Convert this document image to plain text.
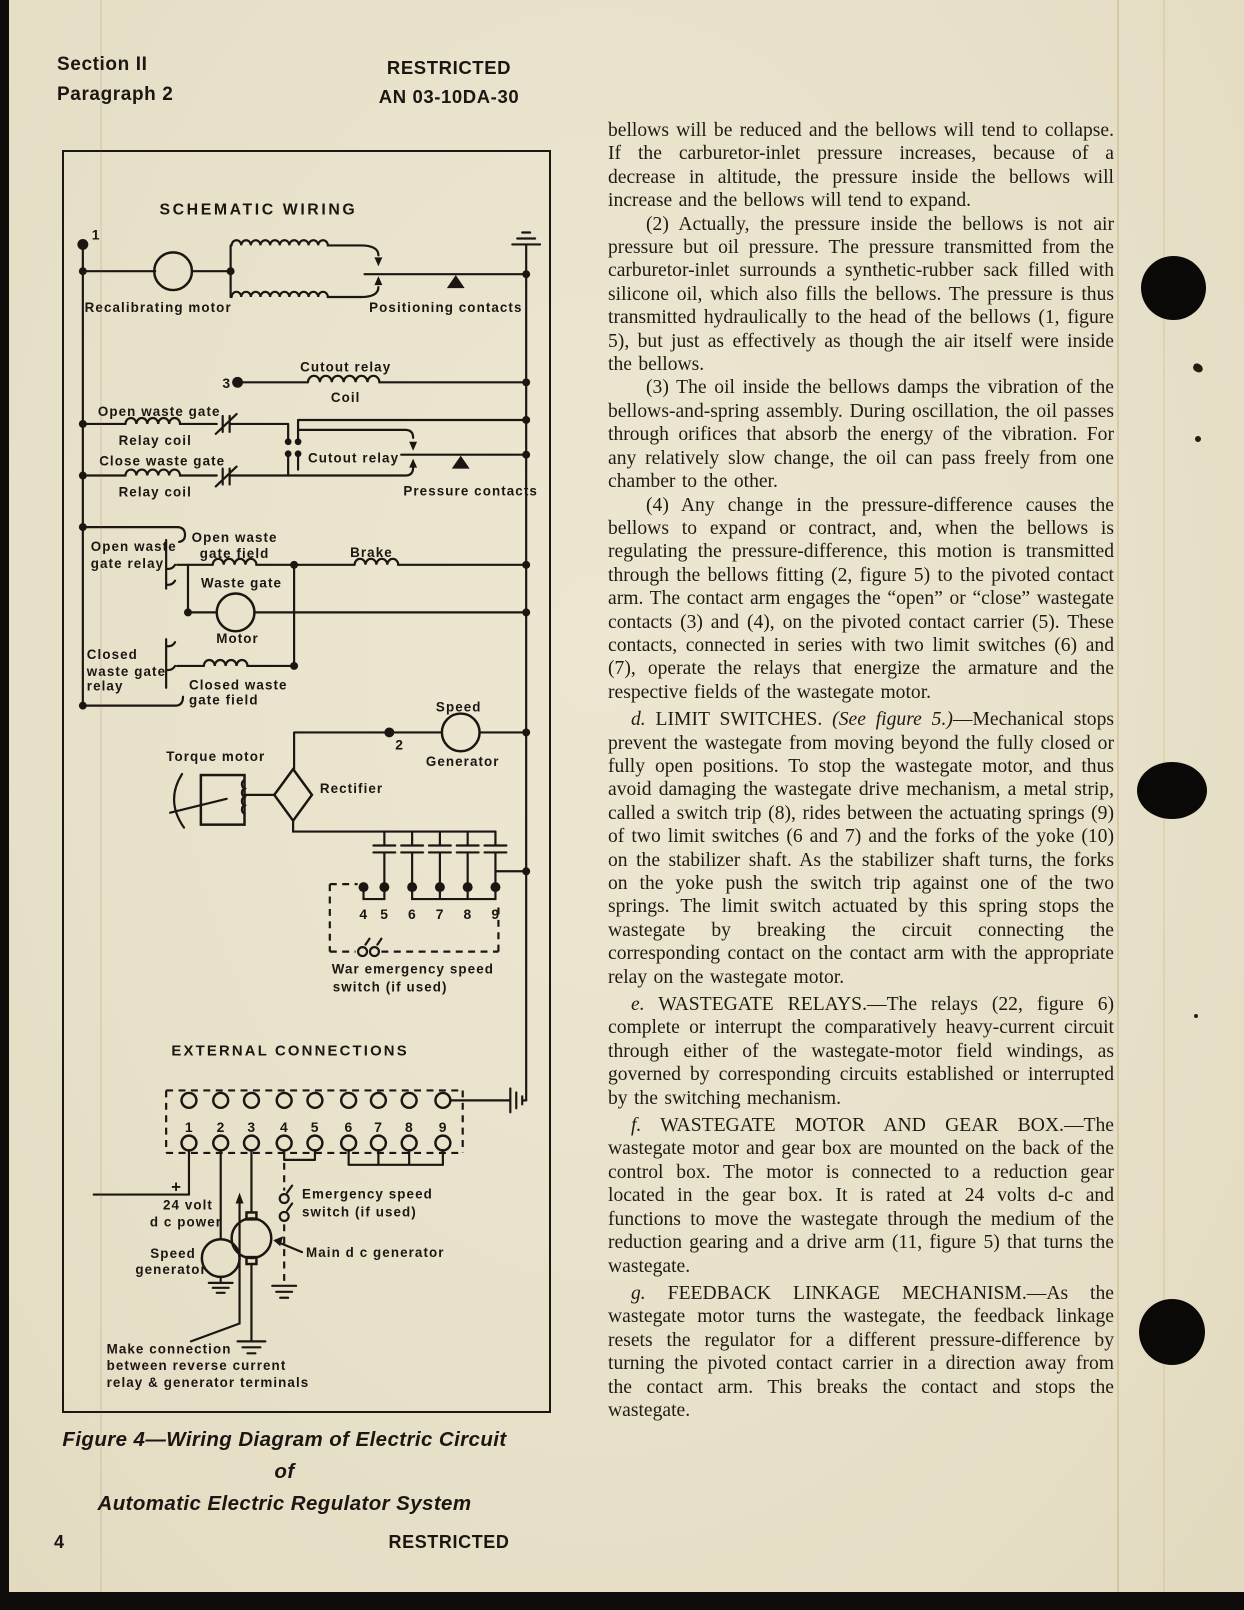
Section II
Paragraph 2
RESTRICTED
AN 03-10DA-30
SCHEMATIC WIRING
1
Recalibrating motor	Positioning contacts
3
Cutout relay
Coil
Open waste gate
Relay coil
Close waste gate
Relay coil
Cutout relay
Pressure contacts
Open waste
gate relay
Open waste
gate field	Brake
Waste gate
Motor
Closed
waste gate
relay	Closed waste
gate field	Speed
2
Generator
Torque motor
Rectifier
4 5 6 7 8 9
War emergency speed
switch (if used)
EXTERNAL CONNECTIONS
1 2 3 4 5 6 7 8 9
+
24 volt
d c power
Speed
generator
Emergency speed
switch (if used)
Main d c generator
Make connection
between reverse current
relay & generator terminals
Figure 4—Wiring Diagram of Electric Circuit of
Automatic Electric Regulator System

bellows will be reduced and the bellows will tend to collapse. If the carburetor-inlet pressure increases, because of a decrease in altitude, the pressure inside the bellows will increase and the bellows will tend to expand.

(2) Actually, the pressure inside the bellows is not air pressure but oil pressure. The pressure transmitted from the carburetor-inlet surrounds a synthetic-rubber sack filled with silicone oil, which also fills the bellows. The pressure is thus transmitted hydraulically to the head of the bellows (1, figure 5), but just as effectively as though the air itself were inside the bellows.

(3) The oil inside the bellows damps the vibration of the bellows-and-spring assembly. During oscillation, the oil passes through orifices that absorb the energy of the vibration. For any relatively slow change, the oil can pass freely from one chamber to the other.

(4) Any change in the pressure-difference causes the bellows to expand or contract, and, when the bellows is regulating the pressure-difference, this motion is transmitted through the bellows fitting (2, figure 5) to the pivoted contact arm. The contact arm engages the “open” or “close” wastegate contacts (3) and (4), on the pivoted contact carrier (5). These contacts, connected in series with two limit switches (6) and (7), operate the relays that energize the armature and the respective fields of the wastegate motor.

d. LIMIT SWITCHES. (See figure 5.)—Mechanical stops prevent the wastegate from moving beyond the fully closed or fully open positions. To stop the wastegate motor, and thus avoid damaging the wastegate drive mechanism, a metal strip, called a switch trip (8), rides between the actuating springs (9) of two limit switches (6 and 7) and the forks of the yoke (10) on the stabilizer shaft. As the stabilizer shaft turns, the forks on the yoke push the switch trip against one of the two springs. The limit switch actuated by this spring stops the wastegate by breaking the circuit connecting the corresponding contact on the contact arm with the appropriate relay on the wastegate motor.

e. WASTEGATE RELAYS.—The relays (22, figure 6) complete or interrupt the comparatively heavy-current circuit through either of the wastegate-motor field windings, as governed by corresponding circuits established or interrupted by the switching mechanism.

f. WASTEGATE MOTOR AND GEAR BOX.—The wastegate motor and gear box are mounted on the back of the control box. The motor is connected to a reduction gear located in the gear box. It is rated at 24 volts d-c and functions to move the wastegate through the medium of the reduction gearing and a drive arm (11, figure 5) that turns the wastegate.

g. FEEDBACK LINKAGE MECHANISM.—As the wastegate motor turns the wastegate, the feedback linkage resets the regulator for a different pressure-difference by turning the pivoted contact carrier in a direction away from the contact arm. This breaks the contact and stops the wastegate.

4	RESTRICTED
